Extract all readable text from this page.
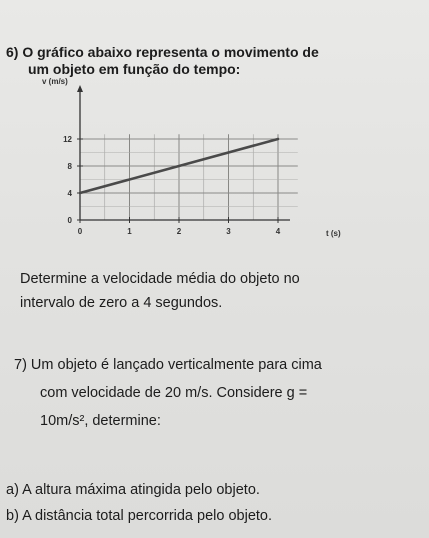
6) O gráfico abaixo representa o movimento de
um objeto em função do tempo:
0	1	2	3	4
0
4
8
12
v (m/s)
t (s)
Determine a velocidade média do objeto no
intervalo de zero a 4 segundos.
7) Um objeto é lançado verticalmente para cima
com velocidade de 20 m/s. Considere g =
10m/s², determine:
a) A altura máxima atingida pelo objeto.
b) A distância total percorrida pelo objeto.
